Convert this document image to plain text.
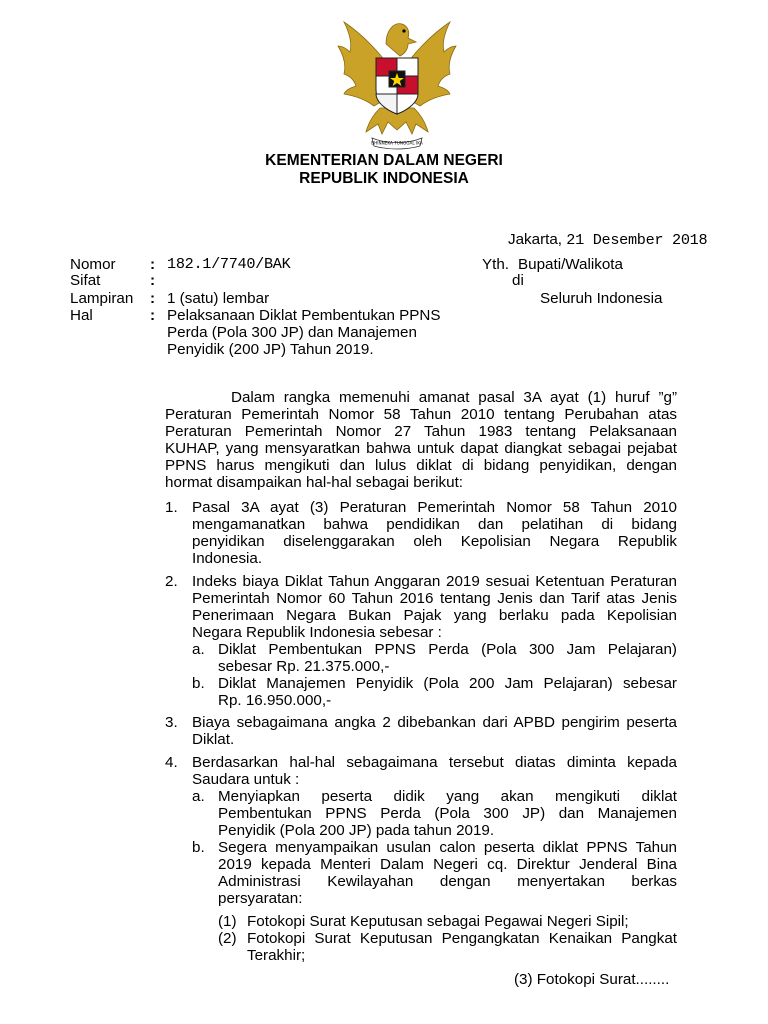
BHINNEKA TUNGGAL IKA
KEMENTERIAN DALAM NEGERI
REPUBLIK INDONESIA
Jakarta, 21 Desember 2018
Nomor : 182.1/7740/BAK
Sifat	:
Lampiran : 1 (satu) lembar
Hal	: Pelaksanaan Diklat Pembentukan PPNS
Perda (Pola 300 JP) dan Manajemen
Penyidik (200 JP) Tahun 2019.
Yth. Bupati/Walikota
di
Seluruh Indonesia
Dalam rangka memenuhi amanat pasal 3A ayat (1) huruf ”g”
Peraturan Pemerintah Nomor 58 Tahun 2010 tentang Perubahan atas
Peraturan Pemerintah Nomor 27 Tahun 1983 tentang Pelaksanaan
KUHAP, yang mensyaratkan bahwa untuk dapat diangkat sebagai pejabat
PPNS harus mengikuti dan lulus diklat di bidang penyidikan, dengan
hormat disampaikan hal-hal sebagai berikut:
1. Pasal 3A ayat (3) Peraturan Pemerintah Nomor 58 Tahun 2010
mengamanatkan bahwa pendidikan dan pelatihan di bidang
penyidikan diselenggarakan oleh Kepolisian Negara Republik
Indonesia.
2. Indeks biaya Diklat Tahun Anggaran 2019 sesuai Ketentuan Peraturan
Pemerintah Nomor 60 Tahun 2016 tentang Jenis dan Tarif atas Jenis
Penerimaan Negara Bukan Pajak yang berlaku pada Kepolisian
Negara Republik Indonesia sebesar :
a. Diklat Pembentukan PPNS Perda (Pola 300 Jam Pelajaran)
sebesar Rp. 21.375.000,-
b. Diklat Manajemen Penyidik (Pola 200 Jam Pelajaran) sebesar
Rp. 16.950.000,-
3. Biaya sebagaimana angka 2 dibebankan dari APBD pengirim peserta
Diklat.
4. Berdasarkan hal-hal sebagaimana tersebut diatas diminta kepada
Saudara untuk :
a. Menyiapkan peserta didik yang akan mengikuti diklat
Pembentukan PPNS Perda (Pola 300 JP) dan Manajemen
Penyidik (Pola 200 JP) pada tahun 2019.
b. Segera menyampaikan usulan calon peserta diklat PPNS Tahun
2019 kepada Menteri Dalam Negeri cq. Direktur Jenderal Bina
Administrasi Kewilayahan dengan menyertakan berkas
persyaratan:
(1) Fotokopi Surat Keputusan sebagai Pegawai Negeri Sipil;
(2) Fotokopi Surat Keputusan Pengangkatan Kenaikan Pangkat
Terakhir;
(3) Fotokopi Surat........
